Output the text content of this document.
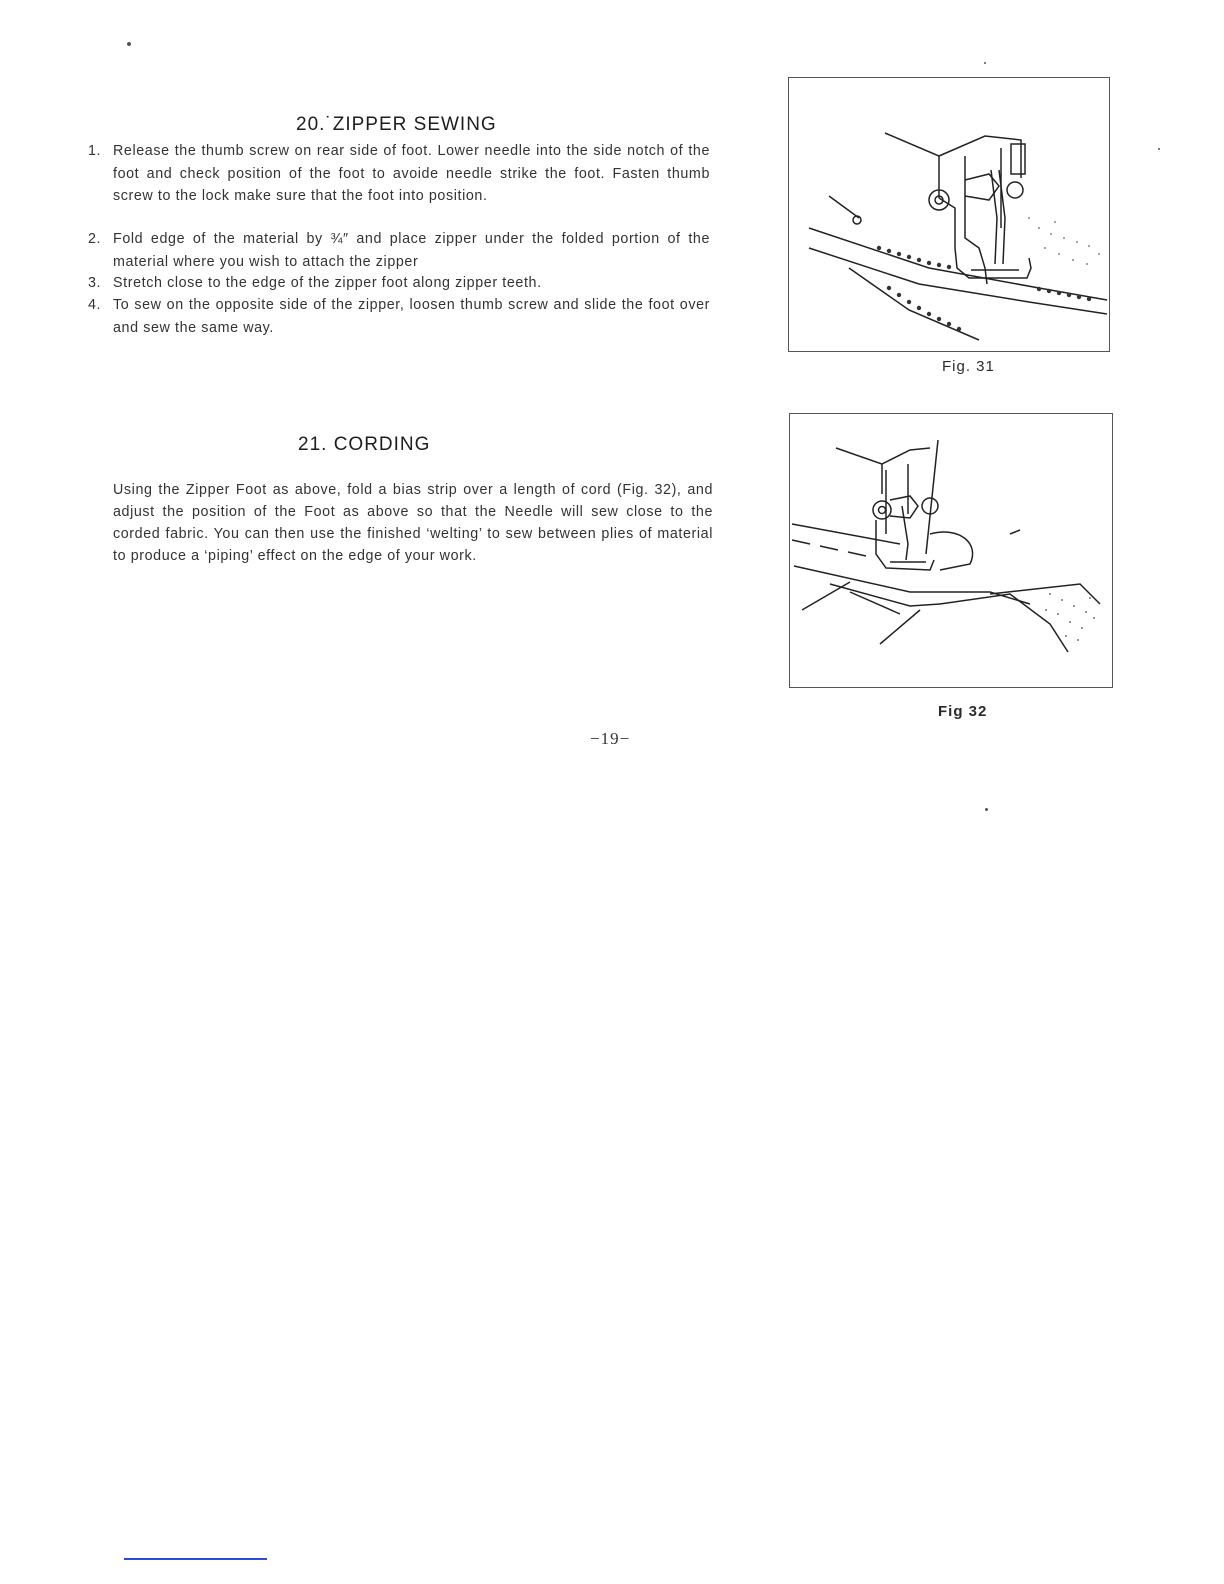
20.˙ZIPPER SEWING
1. Release the thumb screw on rear side of foot. Lower needle into the side notch of the foot and check position of the foot to avoide needle strike the foot. Fasten thumb screw to the lock make sure that the foot into position.
2. Fold edge of the material by ¾″ and place zipper under the folded portion of the material where you wish to attach the zipper
3. Stretch close to the edge of the zipper foot along zipper teeth.
4. To sew on the opposite side of the zipper, loosen thumb screw and slide the foot over and sew the same way.
Fig. 31
21. CORDING
Using the Zipper Foot as above, fold a bias strip over a length of cord (Fig. 32), and adjust the position of the Foot as above so that the Needle will sew close to the corded fabric. You can then use the finished ‘welting’ to sew between plies of material to produce a ‘piping’ effect on the edge of your work.
Fig 32
−19−
